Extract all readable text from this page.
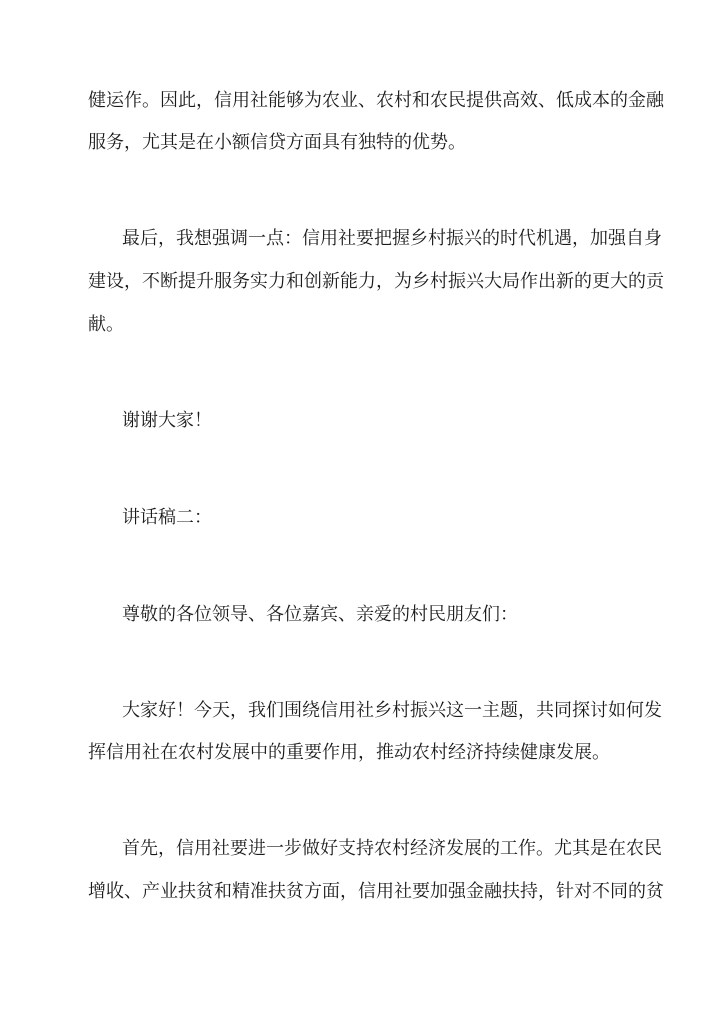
健运作。因此，信用社能够为农业、农村和农民提供高效、低成本的金融
服务，尤其是在小额信贷方面具有独特的优势。
最后，我想强调一点：信用社要把握乡村振兴的时代机遇，加强自身
建设，不断提升服务实力和创新能力，为乡村振兴大局作出新的更大的贡
献。
谢谢大家！
讲话稿二：
尊敬的各位领导、各位嘉宾、亲爱的村民朋友们：
大家好！今天，我们围绕信用社乡村振兴这一主题，共同探讨如何发
挥信用社在农村发展中的重要作用，推动农村经济持续健康发展。
首先，信用社要进一步做好支持农村经济发展的工作。尤其是在农民
增收、产业扶贫和精准扶贫方面，信用社要加强金融扶持，针对不同的贫
